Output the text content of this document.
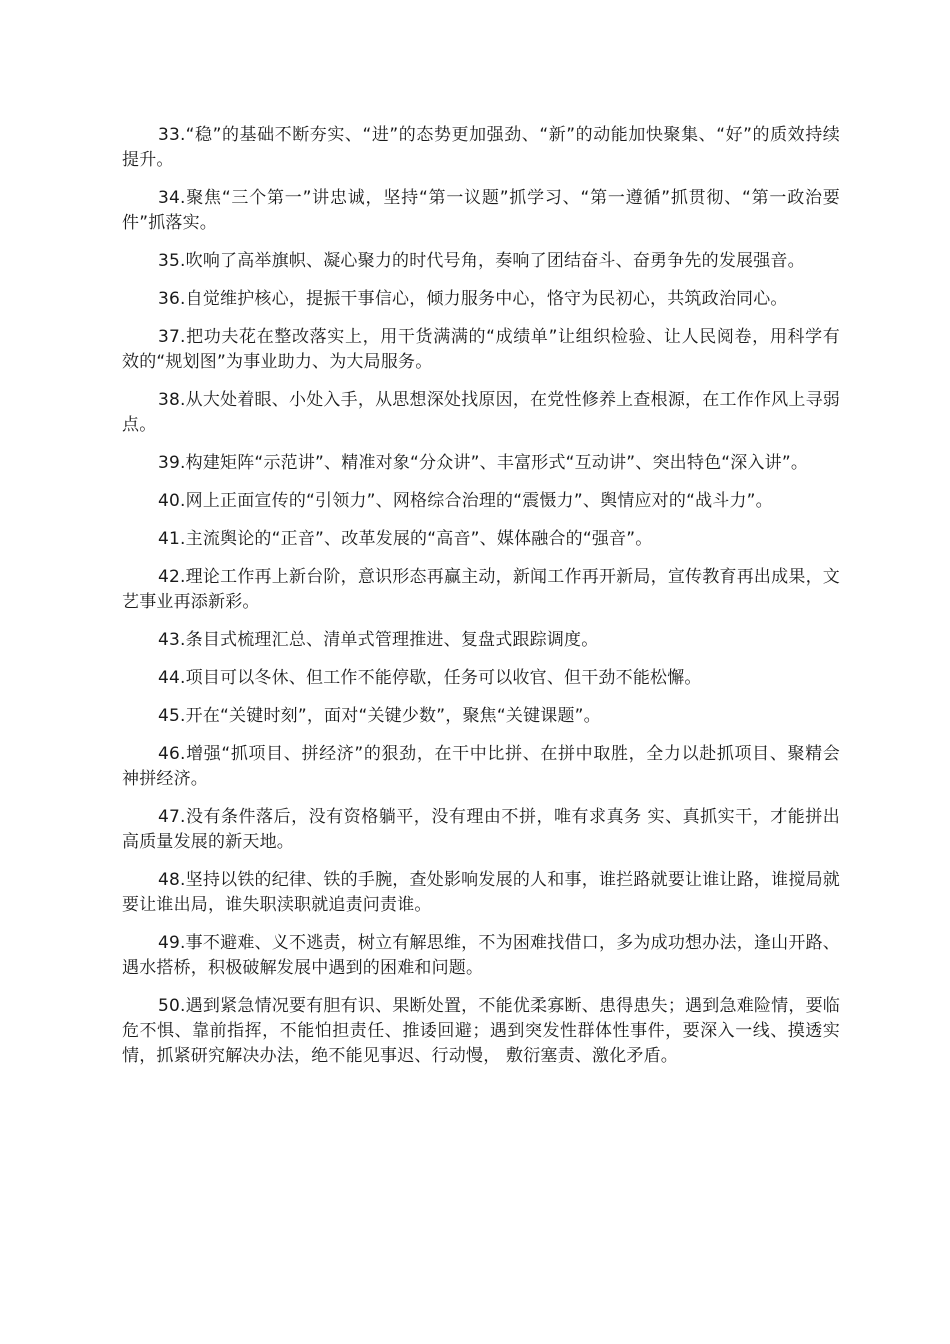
33.“稳”的基础不断夯实、“进”的态势更加强劲、“新”的动能加快聚集、“好”的质效持续提升。

34.聚焦“三个第一”讲忠诚，坚持“第一议题”抓学习、“第一遵循”抓贯彻、“第一政治要件”抓落实。

35.吹响了高举旗帜、凝心聚力的时代号角，奏响了团结奋斗、奋勇争先的发展强音。

36.自觉维护核心，提振干事信心，倾力服务中心，恪守为民初心，共筑政治同心。

37.把功夫花在整改落实上，用干货满满的“成绩单”让组织检验、让人民阅卷，用科学有效的“规划图”为事业助力、为大局服务。

38.从大处着眼、小处入手，从思想深处找原因，在党性修养上查根源，在工作作风上寻弱点。

39.构建矩阵“示范讲”、精准对象“分众讲”、丰富形式“互动讲”、突出特色“深入讲”。

40.网上正面宣传的“引领力”、网格综合治理的“震慑力”、舆情应对的“战斗力”。

41.主流舆论的“正音”、改革发展的“高音”、媒体融合的“强音”。

42.理论工作再上新台阶，意识形态再赢主动，新闻工作再开新局，宣传教育再出成果，文艺事业再添新彩。

43.条目式梳理汇总、清单式管理推进、复盘式跟踪调度。

44.项目可以冬休、但工作不能停歇，任务可以收官、但干劲不能松懈。

45.开在“关键时刻”，面对“关键少数”，聚焦“关键课题”。

46.增强“抓项目、拼经济”的狠劲，在干中比拼、在拼中取胜，全力以赴抓项目、聚精会神拼经济。

47.没有条件落后，没有资格躺平，没有理由不拼，唯有求真务 实、真抓实干，才能拼出高质量发展的新天地。

48.坚持以铁的纪律、铁的手腕，查处影响发展的人和事，谁拦路就要让谁让路，谁搅局就要让谁出局，谁失职渎职就追责问责谁。

49.事不避难、义不逃责，树立有解思维，不为困难找借口，多为成功想办法，逢山开路、遇水搭桥，积极破解发展中遇到的困难和问题。

50.遇到紧急情况要有胆有识、果断处置，不能优柔寡断、患得患失；遇到急难险情，要临危不惧、靠前指挥，不能怕担责任、推诿回避；遇到突发性群体性事件，要深入一线、摸透实情，抓紧研究解决办法，绝不能见事迟、行动慢， 敷衍塞责、激化矛盾。
